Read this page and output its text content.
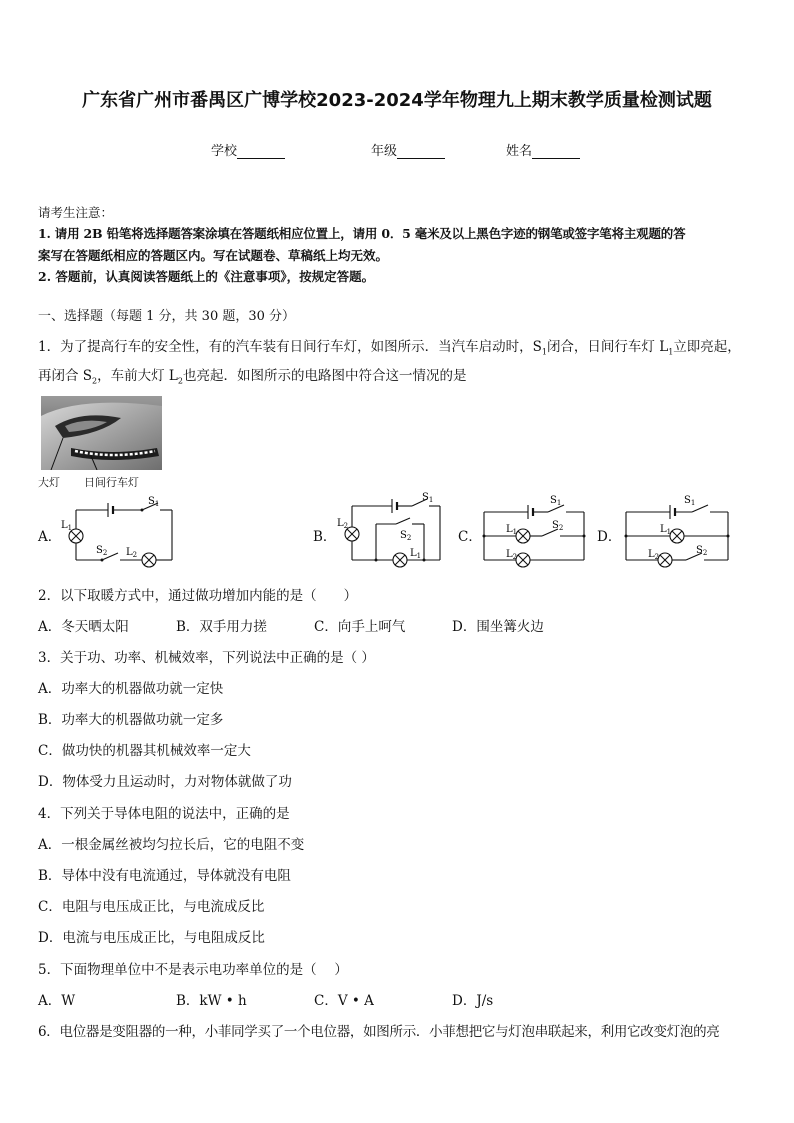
广东省广州市番禺区广博学校2023-2024学年物理九上期末教学质量检测试题
学校	年级	姓名
请考生注意：
1. 请用 2B 铅笔将选择题答案涂填在答题纸相应位置上，请用 0．5 毫米及以上黑色字迹的钢笔或签字笔将主观题的答
案写在答题纸相应的答题区内。写在试题卷、草稿纸上均无效。
2. 答题前，认真阅读答题纸上的《注意事项》，按规定答题。
一、选择题（每题 1 分，共 30 题，30 分）
1．为了提高行车的安全性，有的汽车装有日间行车灯，如图所示．当汽车启动时，$S_1$闭合，日间行车灯 $L_1$立即亮起，
再闭合 $S_2$，车前大灯 $L_2$也亮起．如图所示的电路图中符合这一情况的是
大灯 日间行车灯
A．	B．	C．	D．
$S_1$
$L_1$
$S_2$ $L_2$
$S_1$
$L_2$
$S_2$
$L_1$
$S_1$
$L_1$
$S_2$
$L_2$
$S_1$
$L_1$
$L_2$
$S_2$
2．以下取暖方式中，通过做功增加内能的是（　　）
A．冬天晒太阳	B．双手用力搓	C．向手上呵气	D．围坐篝火边
3．关于功、功率、机械效率，下列说法中正确的是（ ）
A．功率大的机器做功就一定快
B．功率大的机器做功就一定多
C．做功快的机器其机械效率一定大
D．物体受力且运动时，力对物体就做了功
4．下列关于导体电阻的说法中，正确的是
A．一根金属丝被均匀拉长后，它的电阻不变
B．导体中没有电流通过，导体就没有电阻
C．电阻与电压成正比，与电流成反比
D．电流与电压成正比，与电阻成反比
5．下面物理单位中不是表示电功率单位的是（　 ）
A．W	B．kW • h	C．V • A	D．J/s
6．电位器是变阻器的一种，小菲同学买了一个电位器，如图所示．小菲想把它与灯泡串联起来，利用它改变灯泡的亮
